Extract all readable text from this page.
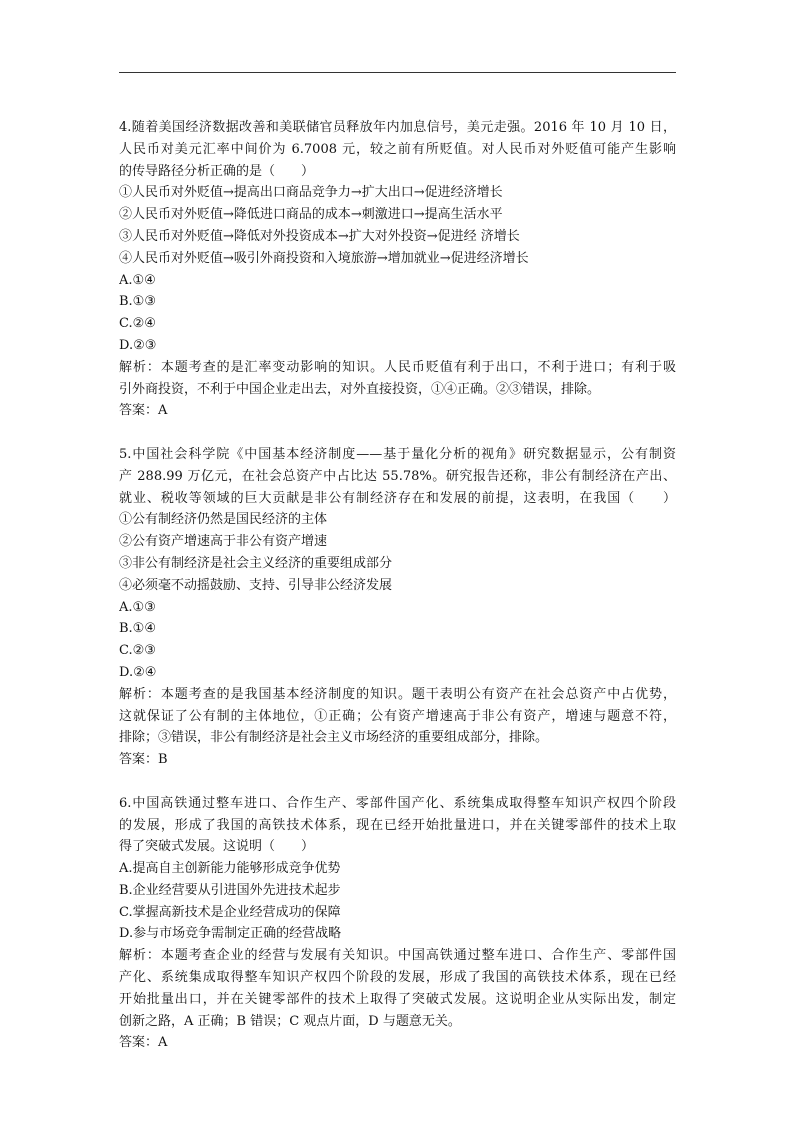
4.随着美国经济数据改善和美联储官员释放年内加息信号，美元走强。2016 年 10 月 10 日，
人民币对美元汇率中间价为 6.7008 元，较之前有所贬值。对人民币对外贬值可能产生影响
的传导路径分析正确的是（　　）
①人民币对外贬值→提高出口商品竞争力→扩大出口→促进经济增长
②人民币对外贬值→降低进口商品的成本→刺激进口→提高生活水平
③人民币对外贬值→降低对外投资成本→扩大对外投资→促进经 济增长
④人民币对外贬值→吸引外商投资和入境旅游→增加就业→促进经济增长
A.①④
B.①③
C.②④
D.②③
解析：本题考查的是汇率变动影响的知识。人民币贬值有利于出口，不利于进口；有利于吸
引外商投资，不利于中国企业走出去，对外直接投资，①④正确。②③错误，排除。
答案：A
5.中国社会科学院《中国基本经济制度——基于量化分析的视角》研究数据显示，公有制资
产 288.99 万亿元，在社会总资产中占比达 55.78%。研究报告还称，非公有制经济在产出、
就业、税收等领域的巨大贡献是非公有制经济存在和发展的前提，这表明，在我国（　　）
①公有制经济仍然是国民经济的主体
②公有资产增速高于非公有资产增速
③非公有制经济是社会主义经济的重要组成部分
④必须毫不动摇鼓励、支持、引导非公经济发展
A.①③
B.①④
C.②③
D.②④
解析：本题考查的是我国基本经济制度的知识。题干表明公有资产在社会总资产中占优势，
这就保证了公有制的主体地位，①正确；公有资产增速高于非公有资产，增速与题意不符，
排除；③错误，非公有制经济是社会主义市场经济的重要组成部分，排除。
答案：B
6.中国高铁通过整车进口、合作生产、零部件国产化、系统集成取得整车知识产权四个阶段
的发展，形成了我国的高铁技术体系，现在已经开始批量进口，并在关键零部件的技术上取
得了突破式发展。这说明（　　）
A.提高自主创新能力能够形成竞争优势
B.企业经营要从引进国外先进技术起步
C.掌握高新技术是企业经营成功的保障
D.参与市场竞争需制定正确的经营战略
解析：本题考查企业的经营与发展有关知识。中国高铁通过整车进口、合作生产、零部件国
产化、系统集成取得整车知识产权四个阶段的发展，形成了我国的高铁技术体系，现在已经
开始批量出口，并在关键零部件的技术上取得了突破式发展。这说明企业从实际出发，制定
创新之路，A 正确；B 错误；C 观点片面，D 与题意无关。
答案：A
